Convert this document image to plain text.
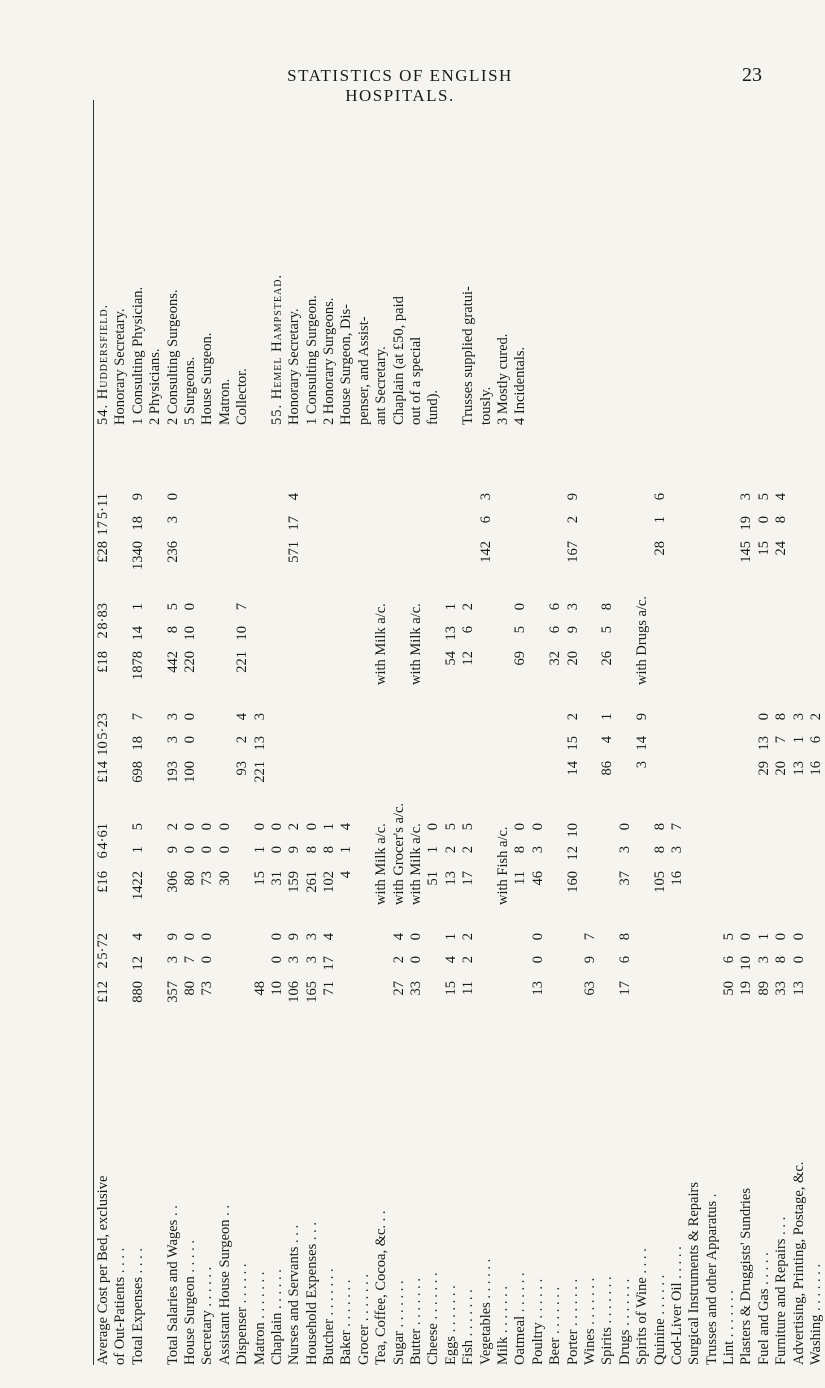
STATISTICS OF ENGLISH HOSPITALS.
23
Average Cost per Bed, exclusive of Out-Patients . . . . Total Expenses . . . . Total Salaries and Wages . . House Surgeon . . . . . Secretary . . . . . . Assistant House Surgeon . . Dispenser . . . . . . Matron . . . . . . . Chaplain . . . . . . Nurses and Servants . . . Household Expenses . . . Butcher . . . . . . . Baker . . . . . . . Grocer . . . . . . . Tea, Coffee, Cocoa, &c. . . Sugar . . . . . . . Butter . . . . . . . Cheese . . . . . . . Eggs . . . . . . . Fish . . . . . . . Vegetables . . . . . . Milk . . . . . . . Oatmeal . . . . . . Poultry . . . . . . Beer . . . . . . . Porter . . . . . . . Wines . . . . . . . Spirits . . . . . . . Drugs . . . . . . . Spirits of Wine . . . . Quinine . . . . . . Cod-Liver Oil . . . . . Surgical Instruments & Repairs Trusses and other Apparatus . Lint . . . . . . . Plasters & Druggists' Sundries Fuel and Gas . . . . . Furniture and Repairs . . . Advertising, Printing, Postage, &c. Washing . . . . . . .
£12
2
5·72
880
12
4
357
3
9
80
7
0
73
0
0
48 10
0
0
106
3
9
165
3
3
71
17
4
27
2
4
33
0
0
15
4
1
11
2
2
13
0
0
63
9
7
17
6
8
50
6
5
19
10
0
89
3
1
33
8
0
13
0
0
£16
6
4·61
1422
1
5
306
9
2
80
0
0
73
0
0
30
0
0
15
1
0
31
0
0
159
9
2
261
8
0
102
8
1
4
1
4 with Milk a/c. with Grocer's a/c. with Milk a/c. 51
1
0
13
2
5
17
2
5 with Fish a/c. 11
8
0
46
3
0
160
12
10
37
3
0
105
8
8
16
3
7
£14
10
5·23
698
18
7
193
3
3
100
0
0
93
2
4
221
13
3
14
15
2
86
4
1
3
14
9
29
13
0
20
7
8
13
1
3
16
6
2
£18
2
8·83
1878
14
1
442
8
5
220
10
0
221
10
7	with Milk a/c. with Milk a/c. 54
13
1
12
6
2
69
5
0
32
6
6
20
9
3
26
5
8 with Drugs a/c.
£28
17
5·11
1340
18
9
236
3
0
571
17
4
142
6
3
167
2
9
28
1
6
145
19
3
15
0
5
24
8
4
54. Huddersfield. Honorary Secretary. 1 Consulting Physician. 2 Physicians. 2 Consulting Surgeons. 5 Surgeons. House Surgeon. Matron. Collector. 55. Hemel Hampstead. Honorary Secretary. 1 Consulting Surgeon. 2 Honorary Surgeons. House Surgeon, Dis- penser, and Assist- ant Secretary. Chaplain (at £50, paid out of a special fund). Trusses supplied gratui- tously. 3 Mostly cured. 4 Incidentals.
